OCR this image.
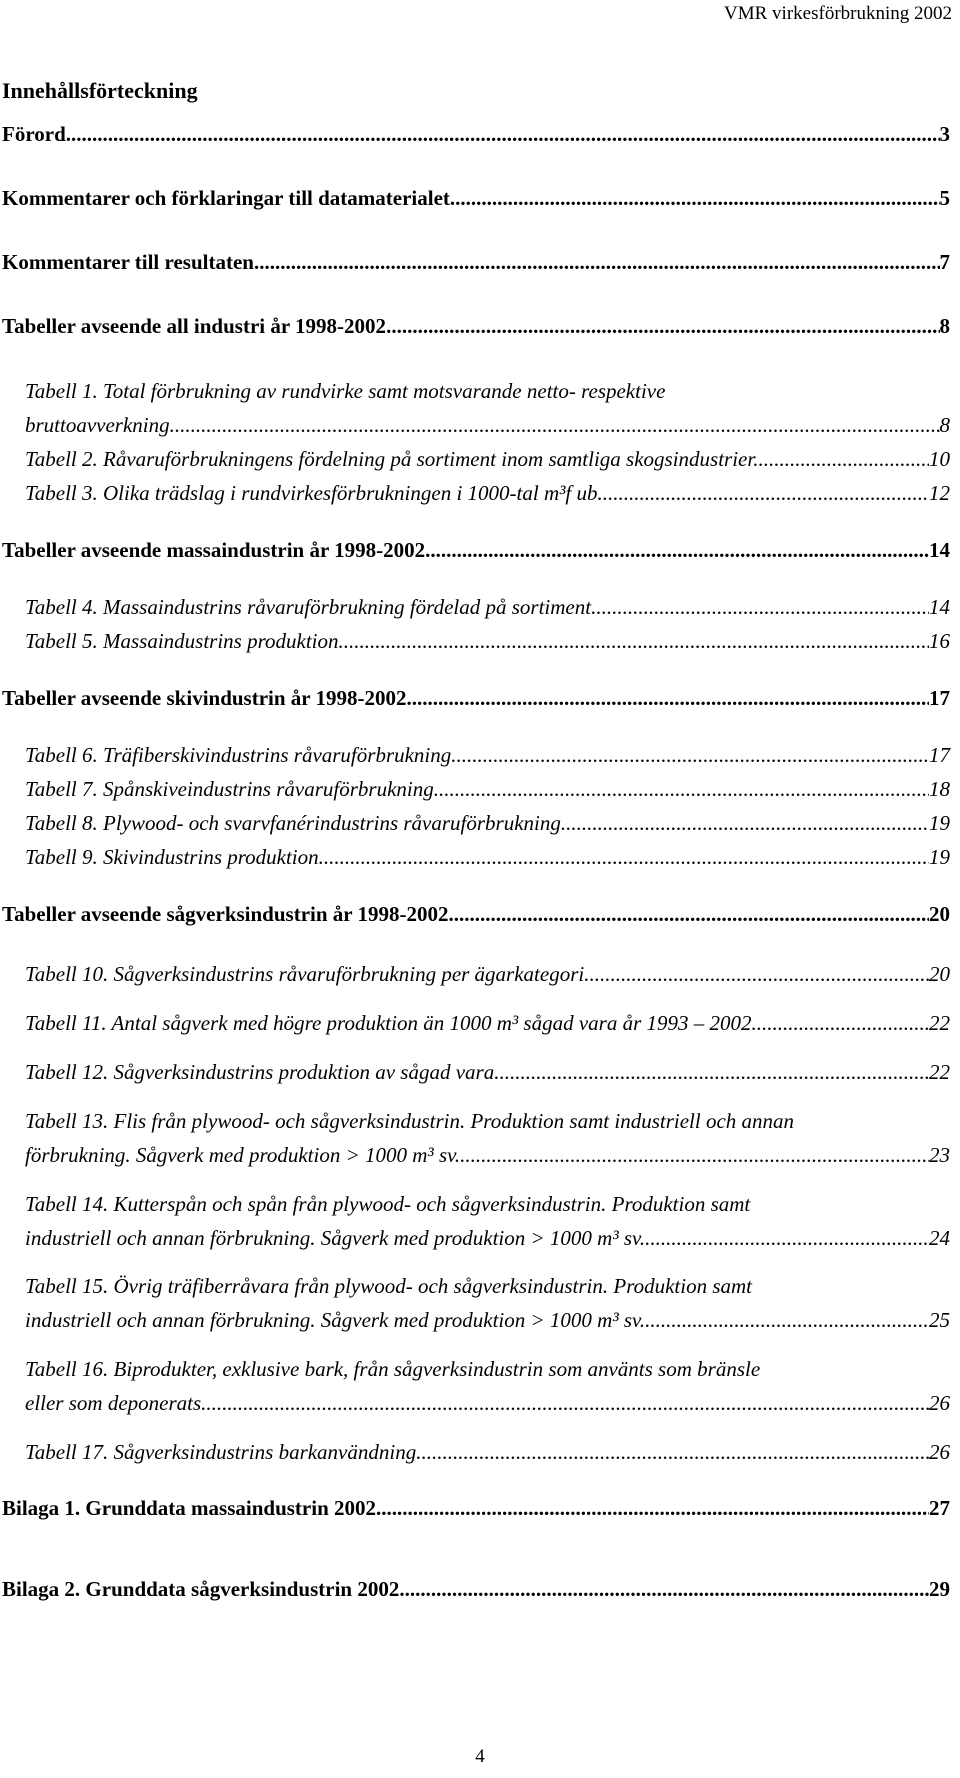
VMR virkesförbrukning 2002
Innehållsförteckning
Förord .....	3
Kommentarer och förklaringar till datamaterialet .....	5
Kommentarer till resultaten .....	7
Tabeller avseende all industri år 1998-2002 .....	8
Tabell 1. Total förbrukning av rundvirke samt motsvarande netto- respektive
bruttoavverkning. .....	8
Tabell 2. Råvaruförbrukningens fördelning på sortiment inom samtliga skogsindustrier. .....	10
Tabell 3. Olika trädslag i rundvirkesförbrukningen i 1000-tal m³f ub. .....	12
Tabeller avseende massaindustrin år 1998-2002 .....	14
Tabell 4. Massaindustrins råvaruförbrukning fördelad på sortiment .....	14
Tabell 5. Massaindustrins produktion. .....	16
Tabeller avseende skivindustrin år 1998-2002 .....	17
Tabell 6. Träfiberskivindustrins råvaruförbrukning. .....	17
Tabell 7. Spånskiveindustrins råvaruförbrukning. .....	18
Tabell 8. Plywood- och svarvfanérindustrins råvaruförbrukning. .....	19
Tabell 9. Skivindustrins produktion. .....	19
Tabeller avseende sågverksindustrin år 1998-2002. .....	20
Tabell 10. Sågverksindustrins råvaruförbrukning per ägarkategori. .....	20
Tabell 11. Antal sågverk med högre produktion än 1000 m³ sågad vara år 1993 – 2002 .....	22
Tabell 12. Sågverksindustrins produktion av sågad vara. .....	22
Tabell 13. Flis från plywood- och sågverksindustrin. Produktion samt industriell och annan
förbrukning. Sågverk med produktion > 1000 m³ sv. .....	23
Tabell 14. Kutterspån och spån från plywood- och sågverksindustrin. Produktion samt
industriell och annan förbrukning. Sågverk med produktion > 1000 m³ sv. .....	24
Tabell 15. Övrig träfiberråvara från plywood- och sågverksindustrin. Produktion samt
industriell och annan förbrukning. Sågverk med produktion > 1000 m³ sv. .....	25
Tabell 16. Biprodukter, exklusive bark, från sågverksindustrin som använts som bränsle
eller som deponerats. .....	26
Tabell 17. Sågverksindustrins barkanvändning. .....	26
Bilaga 1. Grunddata massaindustrin 2002. .....	27
Bilaga 2. Grunddata sågverksindustrin 2002. .....	29
4
